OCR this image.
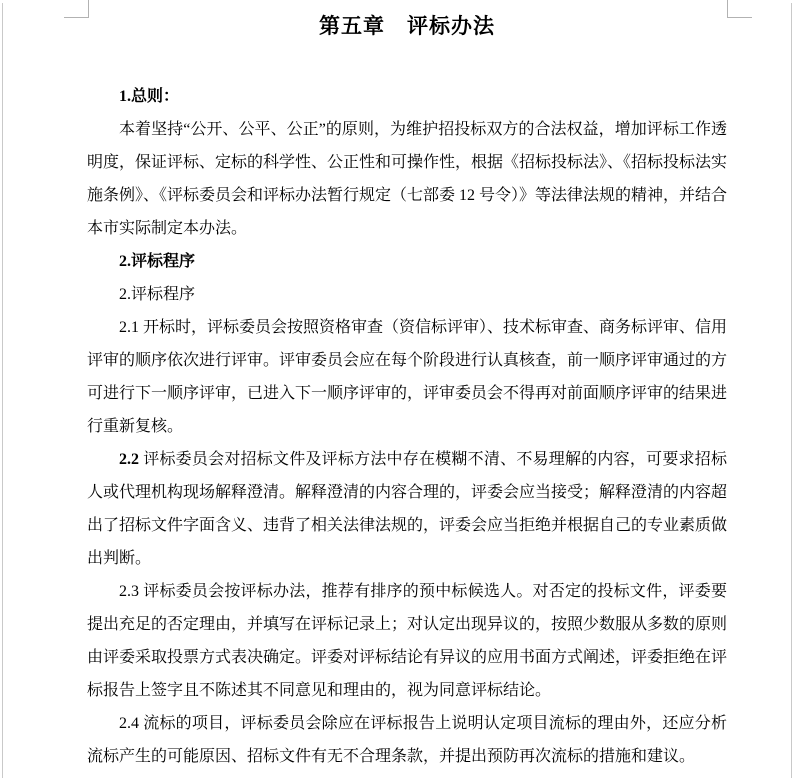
第五章　评标办法

1.总则：

本着坚持“公开、公平、公正”的原则，为维护招投标双方的合法权益，增加评标工作透明度，保证评标、定标的科学性、公正性和可操作性，根据《招标投标法》、《招标投标法实施条例》、《评标委员会和评标办法暂行规定（七部委 12 号令）》等法律法规的精神，并结合本市实际制定本办法。

2.评标程序

2.评标程序

2.1 开标时，评标委员会按照资格审查（资信标评审）、技术标审查、商务标评审、信用评审的顺序依次进行评审。评审委员会应在每个阶段进行认真核查，前一顺序评审通过的方可进行下一顺序评审，已进入下一顺序评审的，评审委员会不得再对前面顺序评审的结果进行重新复核。

2.2 评标委员会对招标文件及评标方法中存在模糊不清、不易理解的内容，可要求招标人或代理机构现场解释澄清。解释澄清的内容合理的，评委会应当接受；解释澄清的内容超出了招标文件字面含义、违背了相关法律法规的，评委会应当拒绝并根据自己的专业素质做出判断。

2.3 评标委员会按评标办法，推荐有排序的预中标候选人。对否定的投标文件，评委要提出充足的否定理由，并填写在评标记录上；对认定出现异议的，按照少数服从多数的原则由评委采取投票方式表决确定。评委对评标结论有异议的应用书面方式阐述，评委拒绝在评标报告上签字且不陈述其不同意见和理由的，视为同意评标结论。

2.4 流标的项目，评标委员会除应在评标报告上说明认定项目流标的理由外，还应分析流标产生的可能原因、招标文件有无不合理条款，并提出预防再次流标的措施和建议。
